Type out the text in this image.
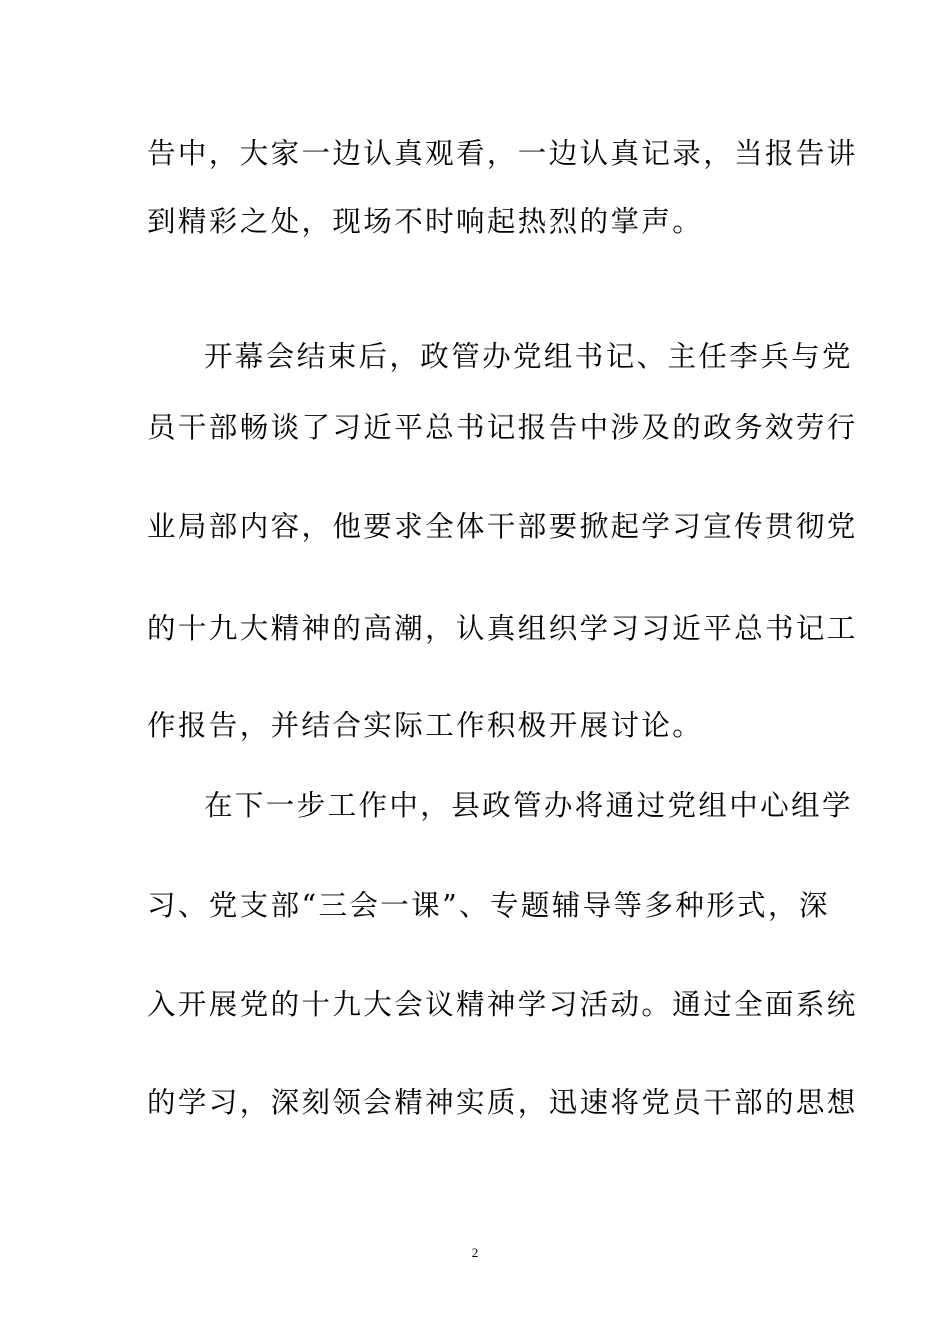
告中，大家一边认真观看，一边认真记录，当报告讲
到精彩之处，现场不时响起热烈的掌声。
开幕会结束后，政管办党组书记、主任李兵与党
员干部畅谈了习近平总书记报告中涉及的政务效劳行
业局部内容，他要求全体干部要掀起学习宣传贯彻党
的十九大精神的高潮，认真组织学习习近平总书记工
作报告，并结合实际工作积极开展讨论。
在下一步工作中，县政管办将通过党组中心组学
习、党支部“三会一课”、专题辅导等多种形式，深
入开展党的十九大会议精神学习活动。通过全面系统
的学习，深刻领会精神实质，迅速将党员干部的思想
2
